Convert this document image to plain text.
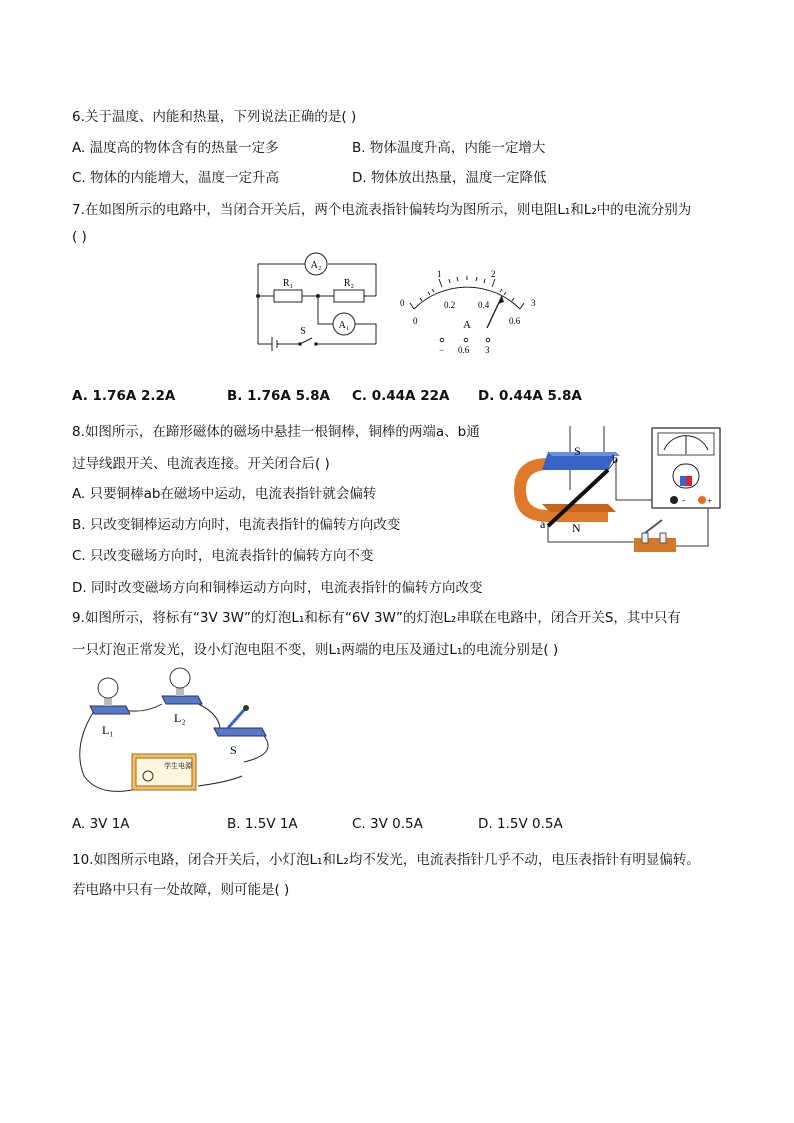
6.关于温度、内能和热量，下列说法正确的是( )
A. 温度高的物体含有的热量一定多	B. 物体温度升高，内能一定增大
C. 物体的内能增大，温度一定升高	D. 物体放出热量，温度一定降低
7.在如图所示的电路中，当闭合开关后，两个电流表指针偏转均为图所示，则电阻L₁和L₂中的电流分别为
( )
A₂
A₁
R₁	R₂
S
0
1	2
3
0
0.2	0.4
0.6
A
− 0.6 3
A. 1.76A 2.2A	B. 1.76A 5.8A C. 0.44A 22A D. 0.44A 5.8A
8.如图所示，在蹄形磁体的磁场中悬挂一根铜棒，铜棒的两端a、b通
过导线跟开关、电流表连接。开关闭合后( )
A. 只要铜棒ab在磁场中运动，电流表指针就会偏转
B. 只改变铜棒运动方向时，电流表指针的偏转方向改变
C. 只改变磁场方向时，电流表指针的偏转方向不变
D. 同时改变磁场方向和铜棒运动方向时，电流表指针的偏转方向改变
- +
S
N
a
b
9.如图所示，将标有“3V 3W”的灯泡L₁和标有“6V 3W”的灯泡L₂串联在电路中，闭合开关S，其中只有
一只灯泡正常发光，设小灯泡电阻不变，则L₁两端的电压及通过L₁的电流分别是( )
学生电源
L₁
L₂
S
A. 3V 1A	B. 1.5V 1A	C. 3V 0.5A	D. 1.5V 0.5A
10.如图所示电路，闭合开关后，小灯泡L₁和L₂均不发光，电流表指针几乎不动，电压表指针有明显偏转。
若电路中只有一处故障，则可能是( )
